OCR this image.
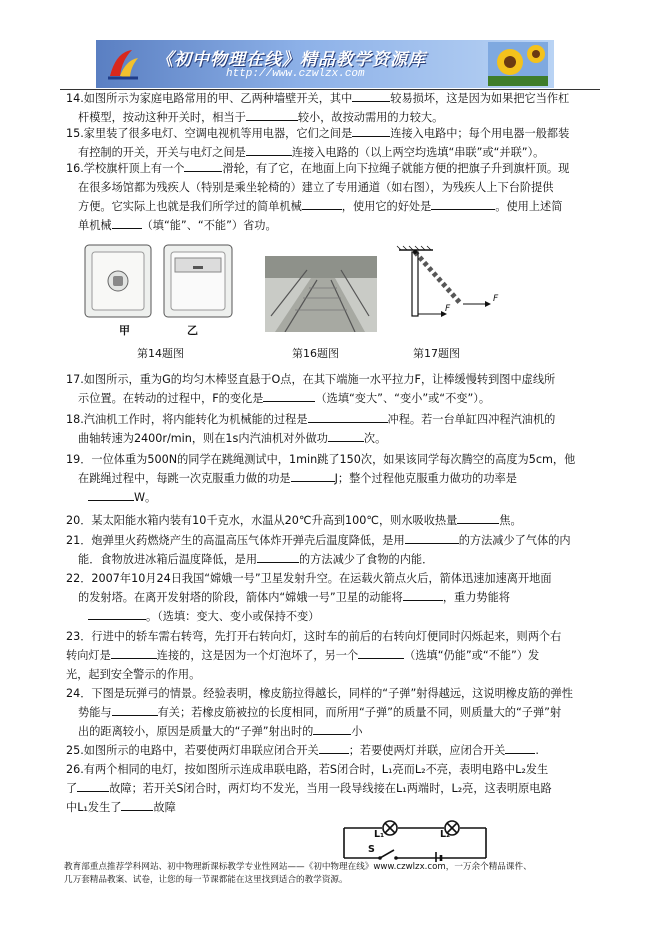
《初中物理在线》精品教学资源库
http://www.czwlzx.com
14.如图所示为家庭电路常用的甲、乙两种墙壁开关，其中	较易损坏，这是因为如果把它当作杠
杆模型，按动这种开关时，相当于	较小，故按动需用的力较大。
15.家里装了很多电灯、空调电视机等用电器，它们之间是	连接入电路中；每个用电器一般都装
有控制的开关，开关与电灯之间是	连接入电路的（以上两空均选填“串联”或“并联”）。
16.学校旗杆顶上有一个	滑轮，有了它，在地面上向下拉绳子就能方便的把旗子升到旗杆顶。现
在很多场馆都为残疾人（特别是乘坐轮椅的）建立了专用通道（如右图），为残疾人上下台阶提供
方便。它实际上也就是我们所学过的简单机械	，使用它的好处是	。使用上述简
单机械	（填“能”、“不能”）省功。
甲	乙
F
F
第14题图	第16题图	第17题图
17.如图所示，重为G的均匀木棒竖直悬于O点，在其下端施一水平拉力F，让棒缓慢转到图中虚线所
示位置。在转动的过程中，F的变化是	（选填“变大”、“变小”或“不变”）。
18.汽油机工作时，将内能转化为机械能的过程是	冲程。若一台单缸四冲程汽油机的
曲轴转速为2400r/min，则在1s内汽油机对外做功	次。
19．一位体重为500N的同学在跳绳测试中，1min跳了150次，如果该同学每次腾空的高度为5cm，他
在跳绳过程中，每跳一次克服重力做的功是	J；整个过程他克服重力做功的功率是
W。
20．某太阳能水箱内装有10千克水，水温从20℃升高到100℃，则水吸收热量	焦。
21．炮弹里火药燃烧产生的高温高压气体炸开弹壳后温度降低，是用	的方法减少了气体的内
能．食物放进冰箱后温度降低，是用	的方法减少了食物的内能．
22．2007年10月24日我国“嫦娥一号”卫星发射升空。在运载火箭点火后，箭体迅速加速离开地面
的发射塔。在离开发射塔的阶段，箭体内“嫦娥一号”卫星的动能将	，重力势能将
。（选填：变大、变小或保持不变）
23．行进中的轿车需右转弯，先打开右转向灯，这时车的前后的右转向灯便同时闪烁起来，则两个右
转向灯是	连接的，这是因为一个灯泡坏了，另一个	（选填“仍能”或“不能”）发
光，起到安全警示的作用。
24．下图是玩弹弓的情景。经验表明，橡皮筋拉得越长，同样的“子弹”射得越远，这说明橡皮筋的弹性
势能与	有关；若橡皮筋被拉的长度相同，而所用“子弹”的质量不同，则质量大的“子弹”射
出的距离较小，原因是质量大的“子弹”射出时的	小
25.如图所示的电路中，若要使两灯串联应闭合开关	；若要使两灯并联，应闭合开关	.
26.有两个相同的电灯，按如图所示连成串联电路，若S闭合时，L₁亮而L₂不亮，表明电路中L₂发生
了	故障；若开关S闭合时，两灯均不发光，当用一段导线接在L₁两端时，L₂亮，这表明原电路
中L₁发生了	故障
L₁	L₂
S
教育部重点推荐学科网站、初中物理新课标教学专业性网站——《初中物理在线》www.czwlzx.com，一万余个精品课件、
几万套精品教案、试卷，让您的每一节课都能在这里找到适合的教学资源。
